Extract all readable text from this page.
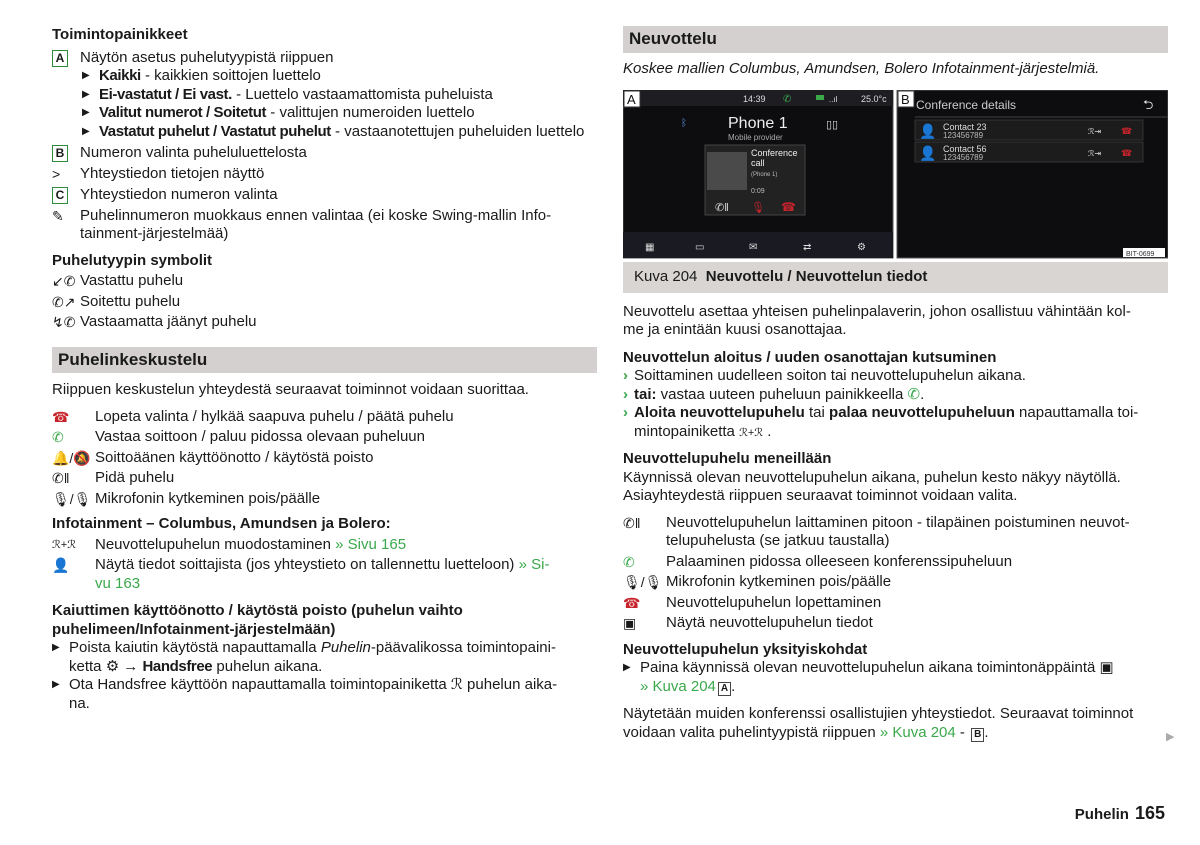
Toimintopainikkeet

A Näytön asetus puhelutyypistä riippuen
▶ Kaikki - kaikkien soittojen luettelo
▶ Ei-vastatut / Ei vast. - Luettelo vastaamattomista puheluista
▶ Valitut numerot / Soitetut - valittujen numeroiden luettelo
▶ Vastatut puhelut / Vastatut puhelut - vastaanotettujen puheluiden luettelo
B Numeron valinta puheluluettelosta
>	Yhteystiedon tietojen näyttö
C Yhteystiedon numeron valinta
✎	Puhelinnumeron muokkaus ennen valintaa (ei koske Swing-mallin Info-
tainment-järjestelmää)

Puhelutyypin symbolit

↙✆ Vastattu puhelu
✆↗ Soitettu puhelu
↯✆ Vastaamatta jäänyt puhelu

Puhelinkeskustelu

Riippuen keskustelun yhteydestä seuraavat toiminnot voidaan suorittaa.

☎	Lopeta valinta / hylkää saapuva puhelu / päätä puhelu
✆	Vastaa soittoon / paluu pidossa olevaan puheluun
🔔/🔕 Soittoäänen käyttöönotto / käytöstä poisto
✆‖	Pidä puhelu
🎙/🎙 Mikrofonin kytkeminen pois/päälle

Infotainment – Columbus, Amundsen ja Bolero:

ℛ+ℛ	Neuvottelupuhelun muodostaminen » Sivu 165
👤	Näytä tiedot soittajista (jos yhteystieto on tallennettu luetteloon) » Si-
vu 163

Kaiuttimen käyttöönotto / käytöstä poisto (puhelun vaihto
puhelimeen/Infotainment-järjestelmään)

▶ Poista kaiutin käytöstä napauttamalla Puhelin-päävalikossa toimintopaini-
ketta ⚙ → Handsfree puhelun aikana.
▶ Ota Handsfree käyttöön napauttamalla toimintopainiketta ℛ puhelun aika-
na.

Neuvottelu

Koskee mallien Columbus, Amundsen, Bolero Infotainment-järjestelmiä.

A	14:39 ✆	..ıl	25.0°c
ᛒ	Phone 1
Mobile provider
▯▯
Conference
call
(Phone 1)
0:09
✆‖ 🎙 ☎
▦	▭	✉	⇄	⚙
B Conference details	⮌
👤 Contact 23
123456789	ℛ⇥ ☎
👤 Contact 56
123456789	ℛ⇥ ☎
BIT-0699
Kuva 204 Neuvottelu / Neuvottelun tiedot

Neuvottelu asettaa yhteisen puhelinpalaverin, johon osallistuu vähintään kol-
me ja enintään kuusi osanottajaa.

Neuvottelun aloitus / uuden osanottajan kutsuminen

› Soittaminen uudelleen soiton tai neuvottelupuhelun aikana.
› tai: vastaa uuteen puheluun painikkeella ✆.
› Aloita neuvottelupuhelu tai palaa neuvottelupuheluun napauttamalla toi-
mintopainiketta ℛ+ℛ .

Neuvottelupuhelu meneillään

Käynnissä olevan neuvottelupuhelun aikana, puhelun kesto näkyy näytöllä.
Asiayhteydestä riippuen seuraavat toiminnot voidaan valita.

✆‖	Neuvottelupuhelun laittaminen pitoon - tilapäinen poistuminen neuvot-
telupuhelusta (se jatkuu taustalla)
✆	Palaaminen pidossa olleeseen konferenssipuheluun
🎙/🎙 Mikrofonin kytkeminen pois/päälle
☎	Neuvottelupuhelun lopettaminen
▣	Näytä neuvottelupuhelun tiedot

Neuvottelupuhelun yksityiskohdat

▶ Paina käynnissä olevan neuvottelupuhelun aikana toimintonäppäintä ▣
» Kuva 204 A .

Näytetään muiden konferenssi osallistujien yhteystiedot. Seuraavat toiminnot
voidaan valita puhelintyypistä riippuen » Kuva 204 - B .	▶
Puhelin 165
